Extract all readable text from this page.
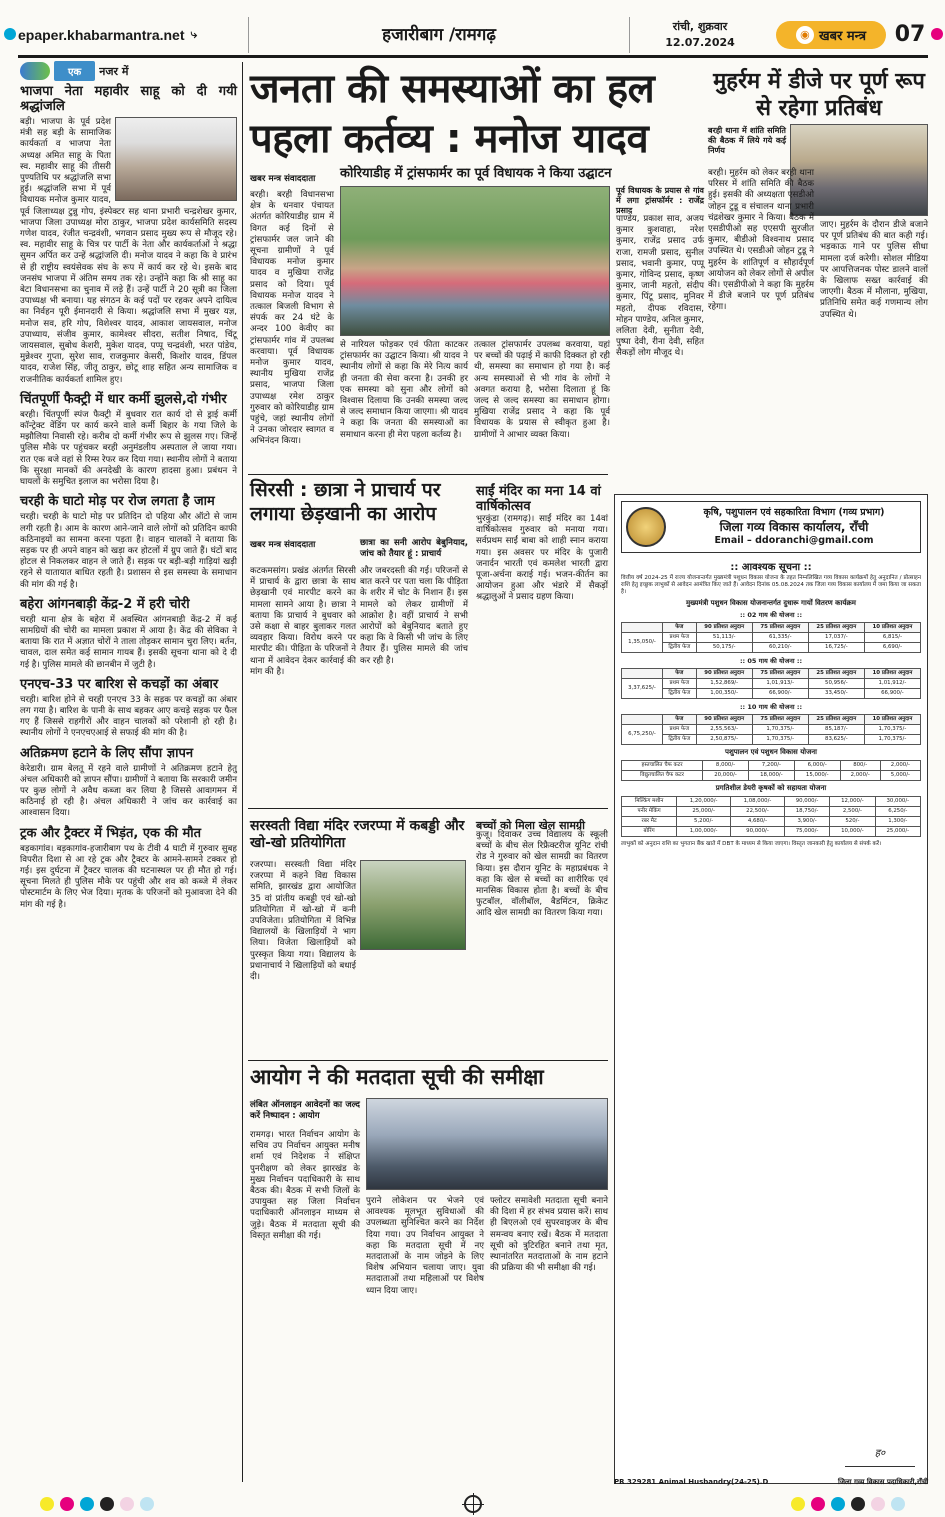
epaper.khabarmantra.net ⤷	हजारीबाग /रामगढ़	रांची, शुक्रवार
12.07.2024
◉ खबर मन्त्र 07
एक	नजर में
भाजपा नेता महावीर साहू को दी गयी श्रद्धांजलि

बड़ी। भाजपा के पूर्व प्रदेश मंत्री सह बड़ी के सामाजिक कार्यकर्ता व भाजपा नेता अध्यक्ष अमित साहू के पिता स्व. महावीर साहू की तीसरी पुण्यतिथि पर श्रद्धांजलि सभा हुई। श्रद्धांजलि सभा में पूर्व विधायक मनोज कुमार यादव, पूर्व जिलाध्यक्ष टुन्नु गोप, इंस्पेक्टर सह थाना प्रभारी चन्द्रशेखर कुमार, भाजपा जिला उपाध्यक्ष मोरा ठाकुर, भाजपा प्रदेश कार्यसमिति सदस्य गणेश यादव, रंजीत चन्द्रवंशी, भगवान प्रसाद मुख्य रूप से मौजूद रहे। स्व. महावीर साहू के चित्र पर पार्टी के नेता और कार्यकर्ताओं ने श्रद्धा सुमन अर्पित कर उन्हें श्रद्धांजलि दी। मनोज यादव ने कहा कि वे प्रारंभ से ही राष्ट्रीय स्वयंसेवक संघ के रूप में कार्य कर रहे थे। इसके बाद जनसंघ भाजपा में अंतिम समय तक रहे। उन्होंने कहा कि श्री साहू का बेटा विधानसभा का चुनाव में लड़े हैं। उन्हें पार्टी ने 20 सूत्री का जिला उपाध्यक्ष भी बनाया। यह संगठन के कई पदों पर रहकर अपने दायित्व का निर्वहन पूरी ईमानदारी से किया। श्रद्धांजलि सभा में मुखर यज्ञ, मनोज सव, हरि गोप, विशेश्वर यादव, आकाश जायसवाल, मनोज उपाध्याय, संजीव कुमार, कामेश्वर सीदरा, सतीश निषाद, चिंटू जायसवाल, सुबोध केशरी, मुकेश यादव, पप्पू चन्द्रवंशी, भरत पांडेय, मुन्नेश्वर गुप्ता, सुरेश साव, राजकुमार केसरी, किशोर यादव, डिंपल यादव, राजेश सिंह, जीतू ठाकुर, छोटू शाह सहित अन्य सामाजिक व राजनीतिक कार्यकर्ता शामिल हुए।

चिंतपूर्णी फैक्ट्री में धार कर्मी झुलसे,दो गंभीर

बरही। चिंतपूर्णी स्पंज फैक्ट्री में बुधवार रात कार्य दो से ड्राई कर्मी कॉन्ट्रेक्ट वेंडिंग पर कार्य करने वाले कर्मी बिहार के गया जिले के मझौलिया निवासी रहे। करीब दो कर्मी गंभीर रूप से झुलस गए। जिन्हें पुलिस मौके पर पहुंचकर बरही अनुमंडलीय अस्पताल ले जाया गया। रात एक बजे वहां से रिम्स रेफर कर दिया गया। स्थानीय लोगों ने बताया कि सुरक्षा मानकों की अनदेखी के कारण हादसा हुआ। प्रबंधन ने घायलों के समुचित इलाज का भरोसा दिया है।

चरही के घाटो मोड़ पर रोज लगता है जाम

चरही। चरही के घाटो मोड़ पर प्रतिदिन दो पहिया और ऑटो से जाम लगी रहती है। आम के कारण आने-जाने वाले लोगों को प्रतिदिन काफी कठिनाइयों का सामना करना पड़ता है। वाहन चालकों ने बताया कि सड़क पर ही अपने वाहन को खड़ा कर होटलों में ग्रुप जाते हैं। घंटों बाद होटल से निकलकर वाहन ले जाते हैं। सड़क पर बड़ी-बड़ी गाड़ियां खड़ी रहने से यातायात बाधित रहती है। प्रशासन से इस समस्या के समाधान की मांग की गई है।

बहेरा आंगनबाड़ी केंद्र-2 में हरी चोरी

चरही थाना क्षेत्र के बहेरा में अवस्थित आंगनबाड़ी केंद्र-2 में कई सामग्रियों की चोरी का मामला प्रकाश में आया है। केंद्र की सेविका ने बताया कि रात में अज्ञात चोरों ने ताला तोड़कर सामान चुरा लिए। बर्तन, चावल, दाल समेत कई सामान गायब हैं। इसकी सूचना थाना को दे दी गई है। पुलिस मामले की छानबीन में जुटी है।

एनएच-33 पर बारिश से कचड़ों का अंबार

चरही। बारिश होने से चरही एनएच 33 के सड़क पर कचड़ों का अंबार लग गया है। बारिश के पानी के साथ बहकर आए कचड़े सड़क पर फैल गए हैं जिससे राहगीरों और वाहन चालकों को परेशानी हो रही है। स्थानीय लोगों ने एनएचएआई से सफाई की मांग की है।

अतिक्रमण हटाने के लिए सौंपा ज्ञापन

केरेडारी। ग्राम बेलतू में रहने वाले ग्रामीणों ने अतिक्रमण हटाने हेतु अंचल अधिकारी को ज्ञापन सौंपा। ग्रामीणों ने बताया कि सरकारी जमीन पर कुछ लोगों ने अवैध कब्जा कर लिया है जिससे आवागमन में कठिनाई हो रही है। अंचल अधिकारी ने जांच कर कार्रवाई का आश्वासन दिया।

ट्रक और ट्रैक्टर में भिड़ंत, एक की मौत

बड़कागांव। बड़कागांव-हजारीबाग पथ के टीवी 4 घाटी में गुरुवार सुबह विपरीत दिशा से आ रहे ट्रक और ट्रैक्टर के आमने-सामने टक्कर हो गई। इस दुर्घटना में ट्रैक्टर चालक की घटनास्थल पर ही मौत हो गई। सूचना मिलते ही पुलिस मौके पर पहुंची और शव को कब्जे में लेकर पोस्टमार्टम के लिए भेज दिया। मृतक के परिजनों को मुआवजा देने की मांग की गई है।

जनता की समस्याओं का हल
पहला कर्तव्य : मनोज यादव
कोरियाडीह में ट्रांसफार्मर का पूर्व विधायक ने किया उद्घाटन
खबर मन्त्र संवाददाता

बरही। बरही विधानसभा क्षेत्र के धनवार पंचायत अंतर्गत कोरियाडीह ग्राम में विगत कई दिनों से ट्रांसफार्मर जल जाने की सूचना ग्रामीणों ने पूर्व विधायक मनोज कुमार यादव व मुखिया राजेंद्र प्रसाद को दिया। पूर्व विधायक मनोज यादव ने तत्काल बिजली विभाग से संपर्क कर 24 घंटे के अन्दर 100 केवीए का ट्रांसफार्मर गांव में उपलब्ध करवाया। पूर्व विधायक मनोज कुमार यादव, स्थानीय मुखिया राजेंद्र प्रसाद, भाजपा जिला उपाध्यक्ष रमेश ठाकुर गुरुवार को कोरियाडीह ग्राम पहुंचे, जहां स्थानीय लोगों ने उनका जोरदार स्वागत व अभिनंदन किया।

से नारियल फोड़कर एवं फीता काटकर ट्रांसफार्मर का उद्घाटन किया। श्री यादव ने स्थानीय लोगों से कहा कि मेरे नित्य कार्य ही जनता की सेवा करना है। उनकी हर एक समस्या को सुना और लोगों को विश्वास दिलाया कि उनकी समस्या जल्द से जल्द समाधान किया जाएगा। श्री यादव ने कहा कि जनता की समस्याओं का समाधान करना ही मेरा पहला कर्तव्य है।

तत्काल ट्रांसफार्मर उपलब्ध करवाया, यहां पर बच्चों की पढ़ाई में काफी दिक्कत हो रही थी, समस्या का समाधान हो गया है। कई अन्य समस्याओं से भी गांव के लोगों ने अवगत कराया है, भरोसा दिलाता हूं कि जल्द से जल्द समस्या का समाधान होगा। मुखिया राजेंद्र प्रसाद ने कहा कि पूर्व विधायक के प्रयास से स्वीकृत हुआ है। ग्रामीणों ने आभार व्यक्त किया।

पूर्व विधायक के प्रयास से गांव में लगा ट्रांसफॉर्मर : राजेंद्र प्रसाद

पाण्डेय, प्रकाश साव, अजय कुमार कुशवाहा, नरेश कुमार, राजेंद्र प्रसाद उर्फ राजा, रामजी प्रसाद, सुनील प्रसाद, भवानी कुमार, पप्पू कुमार, गोविन्द प्रसाद, कृष्ण कुमार, जानी महतो, संदीप कुमार, पिंटू प्रसाद, मुनिवर महतो, दीपक रविदास, मोहन पाण्डेय, अनिल कुमार, ललिता देवी, सुनीता देवी, पुष्पा देवी, रीना देवी, सहित सैकड़ों लोग मौजूद थे।

मुहर्रम में डीजे पर पूर्ण रूप से रहेगा प्रतिबंध
बरही थाना में शांति समिति की बैठक में लिये गये कई निर्णय

बरही। मुहर्रम को लेकर बरही थाना परिसर में शांति समिति की बैठक हुई। इसकी की अध्यक्षता एसडीओ जोहन टुडू व संचालन थाना प्रभारी चंद्रशेखर कुमार ने किया। बैठक में एसडीपीओ सह एएसपी सुरजीत कुमार, बीडीओ विश्वनाथ प्रसाद उपस्थित थे। एसडीओ जोहन टुडू ने मुहर्रम के शांतिपूर्ण व सौहार्दपूर्ण आयोजन को लेकर लोगों से अपील की। एसडीपीओ ने कहा कि मुहर्रम में डीजे बजाने पर पूर्ण प्रतिबंध रहेगा।

जाए। मुहर्रम के दौरान डीजे बजाने पर पूर्ण प्रतिबंध की बात कही गई। भड़काऊ गाने पर पुलिस सीधा मामला दर्ज करेगी। सोशल मीडिया पर आपत्तिजनक पोस्ट डालने वालों के खिलाफ सख्त कार्रवाई की जाएगी। बैठक में मौलाना, मुखिया, प्रतिनिधि समेत कई गणमान्य लोग उपस्थित थे।

सिरसी : छात्रा ने प्राचार्य पर लगाया छेड़खानी का आरोप
खबर मन्त्र संवाददाता	छात्रा का सनी आरोप बेबुनियाद, जांच को तैयार हूं : प्राचार्य

कटकमसांग। प्रखंड अंतर्गत सिरसी में प्राचार्य के द्वारा छात्रा के साथ छेड़खानी एवं मारपीट करने का मामला सामने आया है। छात्रा ने बताया कि प्राचार्य ने बुधवार को उसे कक्षा से बाहर बुलाकर गलत व्यवहार किया। विरोध करने पर मारपीट की। पीड़िता के परिजनों ने थाना में आवेदन देकर कार्रवाई की मांग की है।

और जबरदस्ती की गई। परिजनों से बात करने पर पता चला कि पीड़िता के शरीर में चोट के निशान हैं। इस मामले को लेकर ग्रामीणों में आक्रोश है। वहीं प्राचार्य ने सभी आरोपों को बेबुनियाद बताते हुए कहा कि वे किसी भी जांच के लिए तैयार हैं। पुलिस मामले की जांच कर रही है।

साईं मंदिर का मना 14 वां वार्षिकोत्सव

भुरकुंडा (रामगढ़)। साईं मंदिर का 14वां वार्षिकोत्सव गुरुवार को मनाया गया। सर्वप्रथम साईं बाबा को शाही स्नान कराया गया। इस अवसर पर मंदिर के पुजारी जनार्दन भारती एवं कमलेश भारती द्वारा पूजा-अर्चना कराई गई। भजन-कीर्तन का आयोजन हुआ और भंडारे में सैकड़ों श्रद्धालुओं ने प्रसाद ग्रहण किया।

सरस्वती विद्या मंदिर रजरप्पा में कबड्डी और खो-खो प्रतियोगिता

रजरप्पा। सरस्वती विद्या मंदिर रजरप्पा में कहने विद्य विकास समिति, झारखंड द्वारा आयोजित 35 वां प्रांतीय कबड्डी एवं खो-खो प्रतियोगिता में खो-खो में कनी उपविजेता। प्रतियोगिता में विभिन्न विद्यालयों के खिलाड़ियों ने भाग लिया। विजेता खिलाड़ियों को पुरस्कृत किया गया। विद्यालय के प्रधानाचार्य ने खिलाड़ियों को बधाई दी।

बच्चों को मिला खेल सामग्री

कुजू। दिवाकर उच्च विद्यालय के स्कूली बच्चों के बीच सेल रिफ्रैक्टरीज यूनिट रांची रोड ने गुरुवार को खेल सामग्री का वितरण किया। इस दौरान यूनिट के महाप्रबंधक ने कहा कि खेल से बच्चों का शारीरिक एवं मानसिक विकास होता है। बच्चों के बीच फुटबॉल, वॉलीबॉल, बैडमिंटन, क्रिकेट आदि खेल सामग्री का वितरण किया गया।

आयोग ने की मतदाता सूची की समीक्षा
लंबित ऑनलाइन आवेदनों का जल्द करें निष्पादन : आयोग

रामगढ़। भारत निर्वाचन आयोग के सचिव उप निर्वाचन आयुक्त मनीष शर्मा एवं निदेशक ने संक्षिप्त पुनरीक्षण को लेकर झारखंड के मुख्य निर्वाचन पदाधिकारी के साथ बैठक की। बैठक में सभी जिलों के उपायुक्त सह जिला निर्वाचन पदाधिकारी ऑनलाइन माध्यम से जुड़े। बैठक में मतदाता सूची की विस्तृत समीक्षा की गई।

पुराने लोकेशन पर भेजने एवं आवश्यक मूलभूत सुविधाओं की उपलब्धता सुनिश्चित करने का निर्देश दिया गया। उप निर्वाचन आयुक्त ने कहा कि मतदाता सूची में नए मतदाताओं के नाम जोड़ने के लिए विशेष अभियान चलाया जाए। युवा मतदाताओं तथा महिलाओं पर विशेष ध्यान दिया जाए।

फ्लोटर समावेशी मतदाता सूची बनाने की दिशा में हर संभव प्रयास करें। साथ ही बिएलओ एवं सुपरवाइजर के बीच समन्वय बनाए रखें। बैठक में मतदाता सूची को त्रुटिरहित बनाने तथा मृत, स्थानांतरित मतदाताओं के नाम हटाने की प्रक्रिया की भी समीक्षा की गई।

कृषि, पशुपालन एवं सहकारिता विभाग (गव्य प्रभाग)
जिला गव्य विकास कार्यालय, राँची
Email – ddoranchi@gmail.com
:: आवश्यक सूचना ::
वित्तीय वर्ष 2024-25 में राज्य योजनान्तर्गत मुख्यमंत्री पशुधन विकास योजना के तहत निम्नलिखित गव्य विकास कार्यक्रमों हेतु अनुदानित / प्रोत्साहन राशि हेतु इच्छुक लाभुकों से आवेदन आमंत्रित किए जाते हैं। आवेदन दिनांक 05.08.2024 तक जिला गव्य विकास कार्यालय में जमा किया जा सकता है।
मुख्यमंत्री पशुधन विकास योजनान्तर्गत दुधारू गायों वितरण कार्यक्रम
:: 02 गाय की योजना ::
	फेज	90 प्रतिशत अनुदान	75 प्रतिशत अनुदान	25 प्रतिशत अनुदान	10 प्रतिशत अनुदान
1,35,050/-	प्रथम फेज	51,113/-	61,335/-	17,037/-	6,815/-
	द्वितीय फेज	50,175/-	60,210/-	16,725/-	6,690/-
:: 05 गाय की योजना ::
	फेज	90 प्रतिशत अनुदान	75 प्रतिशत अनुदान	25 प्रतिशत अनुदान	10 प्रतिशत अनुदान
3,37,625/-	प्रथम फेज	1,52,869/-	1,01,913/-	50,956/-	1,01,912/-
	द्वितीय फेज	1,00,350/-	66,900/-	33,450/-	66,900/-
:: 10 गाय की योजना ::
	फेज	90 प्रतिशत अनुदान	75 प्रतिशत अनुदान	25 प्रतिशत अनुदान	10 प्रतिशत अनुदान
6,75,250/-	प्रथम फेज	2,55,563/-	1,70,375/-	85,187/-	1,70,375/-
	द्वितीय फेज	2,50,875/-	1,70,375/-	83,625/-	1,70,375/-
पशुपालन एवं पशुधन विकास योजना
हस्तचालित चैफ कटर	8,000/-	7,200/-	6,000/-	800/-	2,000/-
विद्युतचालित चैफ कटर	20,000/-	18,000/-	15,000/-	2,000/-	5,000/-
प्रगतिशील डेयरी कृषकों को सहायता योजना
मिल्किंग मशीन	1,20,000/-	1,08,000/-	90,000/-	12,000/-	30,000/-
पनीर मेकिंग	25,000/-	22,500/-	18,750/-	2,500/-	6,250/-
रबर मैट	5,200/-	4,680/-	3,900/-	520/-	1,300/-
बोरिंग	1,00,000/-	90,000/-	75,000/-	10,000/-	25,000/-
लाभुकों को अनुदान राशि का भुगतान बैंक खाते में DBT के माध्यम से किया जाएगा। विस्तृत जानकारी हेतु कार्यालय से संपर्क करें।
ह०
PR 329281 Animal Husbandry(24-25).D	जिला गव्य विकास पदाधिकारी,राँची
